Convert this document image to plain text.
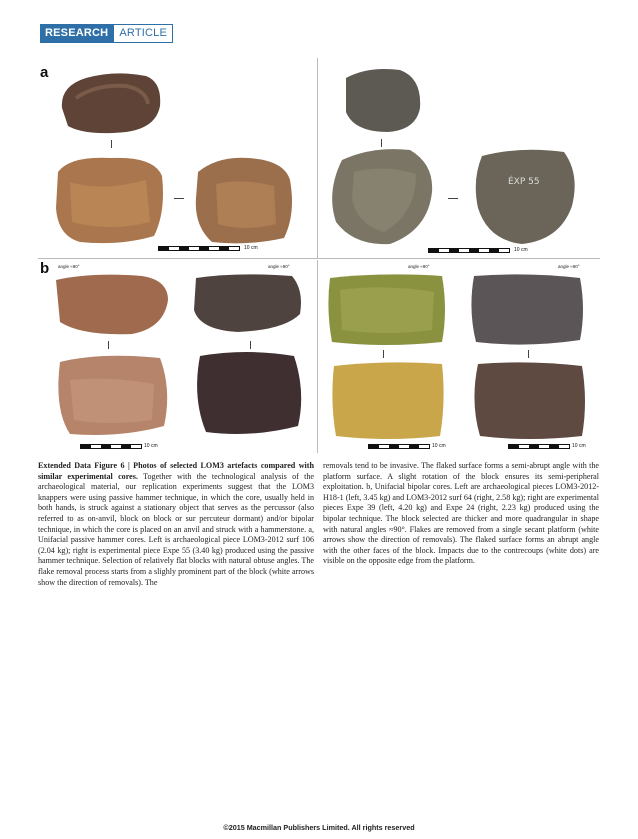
RESEARCH	ARTICLE
a
10 cm
ÉXP 55
10 cm
b angle ≈90°	angle ≈90°
10 cm
angle ≈90°	angle ≈90°
10 cm	10 cm
Extended Data Figure 6 | Photos of selected LOM3 artefacts compared with similar experimental cores. Together with the technological analysis of the archaeological material, our replication experiments suggest that the LOM3 knappers were using passive hammer technique, in which the core, usually held in both hands, is struck against a stationary object that serves as the percussor (also referred to as on-anvil, block on block or sur percuteur dormant) and/or bipolar technique, in which the core is placed on an anvil and struck with a hammerstone. a, Unifacial passive hammer cores. Left is archaeological piece LOM3-2012 surf 106 (2.04 kg); right is experimental piece Expe 55 (3.40 kg) produced using the passive hammer technique. Selection of relatively flat blocks with natural obtuse angles. The flake removal process starts from a slighly prominent part of the block (white arrows show the direction of removals). The
removals tend to be invasive. The flaked surface forms a semi-abrupt angle with the platform surface. A slight rotation of the block ensures its semi-peripheral exploitation. b, Unifacial bipolar cores. Left are archaeological pieces LOM3-2012-H18-1 (left, 3.45 kg) and LOM3-2012 surf 64 (right, 2.58 kg); right are experimental pieces Expe 39 (left, 4.20 kg) and Expe 24 (right, 2.23 kg) produced using the bipolar technique. The block selected are thicker and more quadrangular in shape with natural angles ≈90°. Flakes are removed from a single secant platform (white arrows show the direction of removals). The flaked surface forms an abrupt angle with the other faces of the block. Impacts due to the contrecoups (white dots) are visible on the opposite edge from the platform.
©2015 Macmillan Publishers Limited. All rights reserved
